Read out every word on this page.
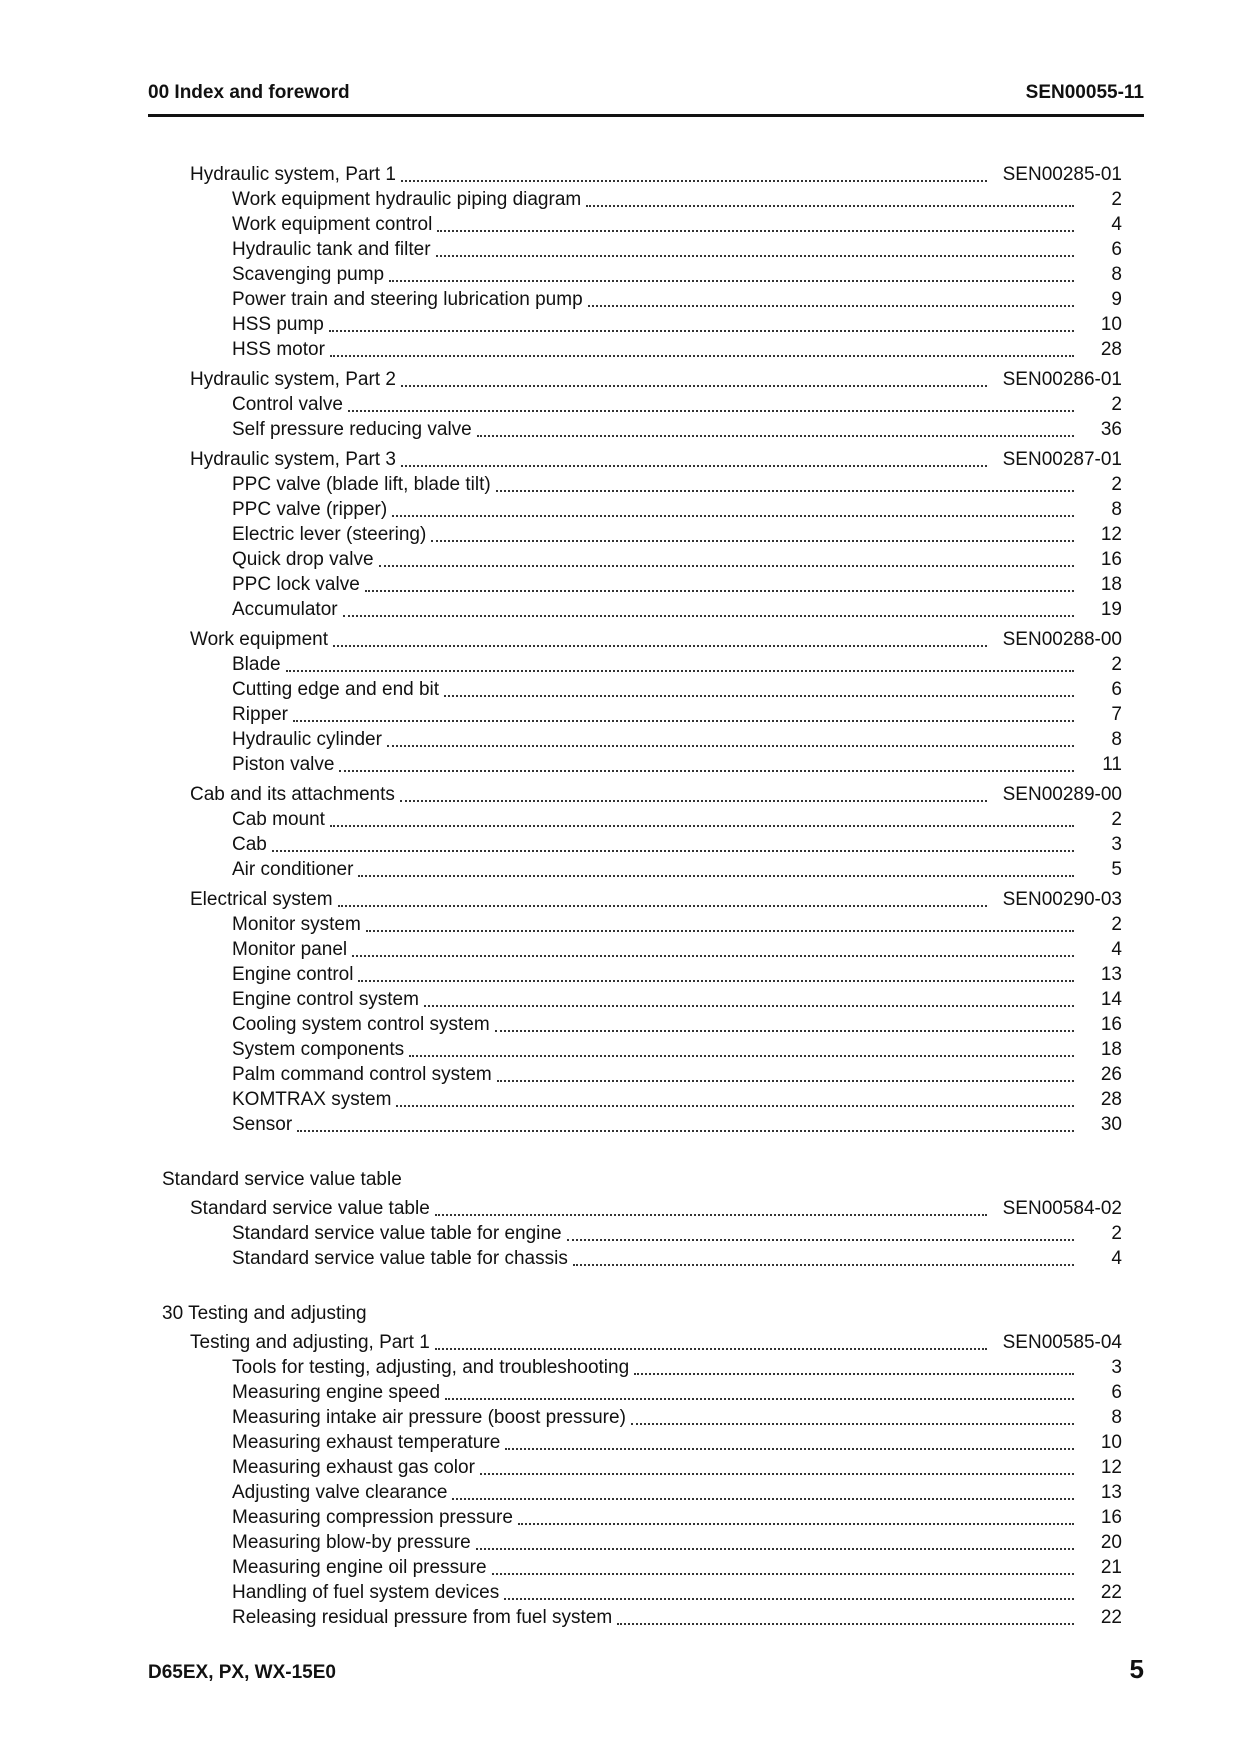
00 Index and foreword	SEN00055-11
Hydraulic system, Part 1	SEN00285-01
Work equipment hydraulic piping diagram	2
Work equipment control	4
Hydraulic tank and filter	6
Scavenging pump	8
Power train and steering lubrication pump	9
HSS pump	10
HSS motor	28
Hydraulic system, Part 2	SEN00286-01
Control valve	2
Self pressure reducing valve	36
Hydraulic system, Part 3	SEN00287-01
PPC valve (blade lift, blade tilt)	2
PPC valve (ripper)	8
Electric lever (steering)	12
Quick drop valve	16
PPC lock valve	18
Accumulator	19
Work equipment	SEN00288-00
Blade	2
Cutting edge and end bit	6
Ripper	7
Hydraulic cylinder	8
Piston valve	11
Cab and its attachments	SEN00289-00
Cab mount	2
Cab	3
Air conditioner	5
Electrical system	SEN00290-03
Monitor system	2
Monitor panel	4
Engine control	13
Engine control system	14
Cooling system control system	16
System components	18
Palm command control system	26
KOMTRAX system	28
Sensor	30
Standard service value table
Standard service value table	SEN00584-02
Standard service value table for engine	2
Standard service value table for chassis	4
30 Testing and adjusting
Testing and adjusting, Part 1	SEN00585-04
Tools for testing, adjusting, and troubleshooting	3
Measuring engine speed	6
Measuring intake air pressure (boost pressure)	8
Measuring exhaust temperature	10
Measuring exhaust gas color	12
Adjusting valve clearance	13
Measuring compression pressure	16
Measuring blow-by pressure	20
Measuring engine oil pressure	21
Handling of fuel system devices	22
Releasing residual pressure from fuel system	22
D65EX, PX, WX-15E0	5
